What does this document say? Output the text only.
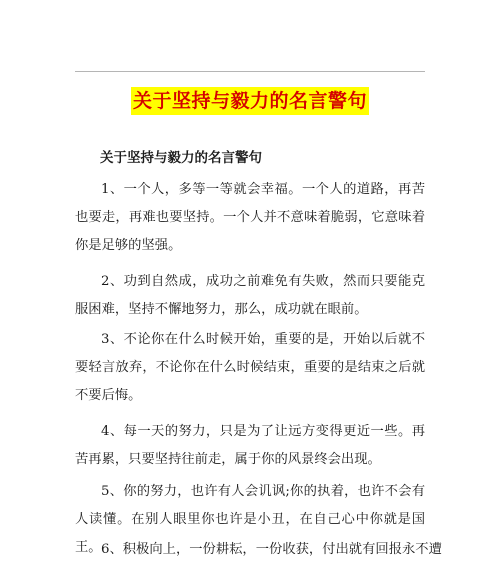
关于坚持与毅力的名言警句
关于坚持与毅力的名言警句

1、一个人，多等一等就会幸福。一个人的道路，再苦也要走，再难也要坚持。一个人并不意味着脆弱，它意味着你是足够的坚强。

2、功到自然成，成功之前难免有失败，然而只要能克服困难，坚持不懈地努力，那么，成功就在眼前。

3、不论你在什么时候开始，重要的是，开始以后就不要轻言放弃，不论你在什么时候结束，重要的是结束之后就不要后悔。

4、每一天的努力，只是为了让远方变得更近一些。再苦再累，只要坚持往前走，属于你的风景终会出现。

5、你的努力，也许有人会讥讽;你的执着，也许不会有人读懂。在别人眼里你也许是小丑，在自己心中你就是国王。 6、积极向上，一份耕耘，一份收获，付出就有回报永不遭
